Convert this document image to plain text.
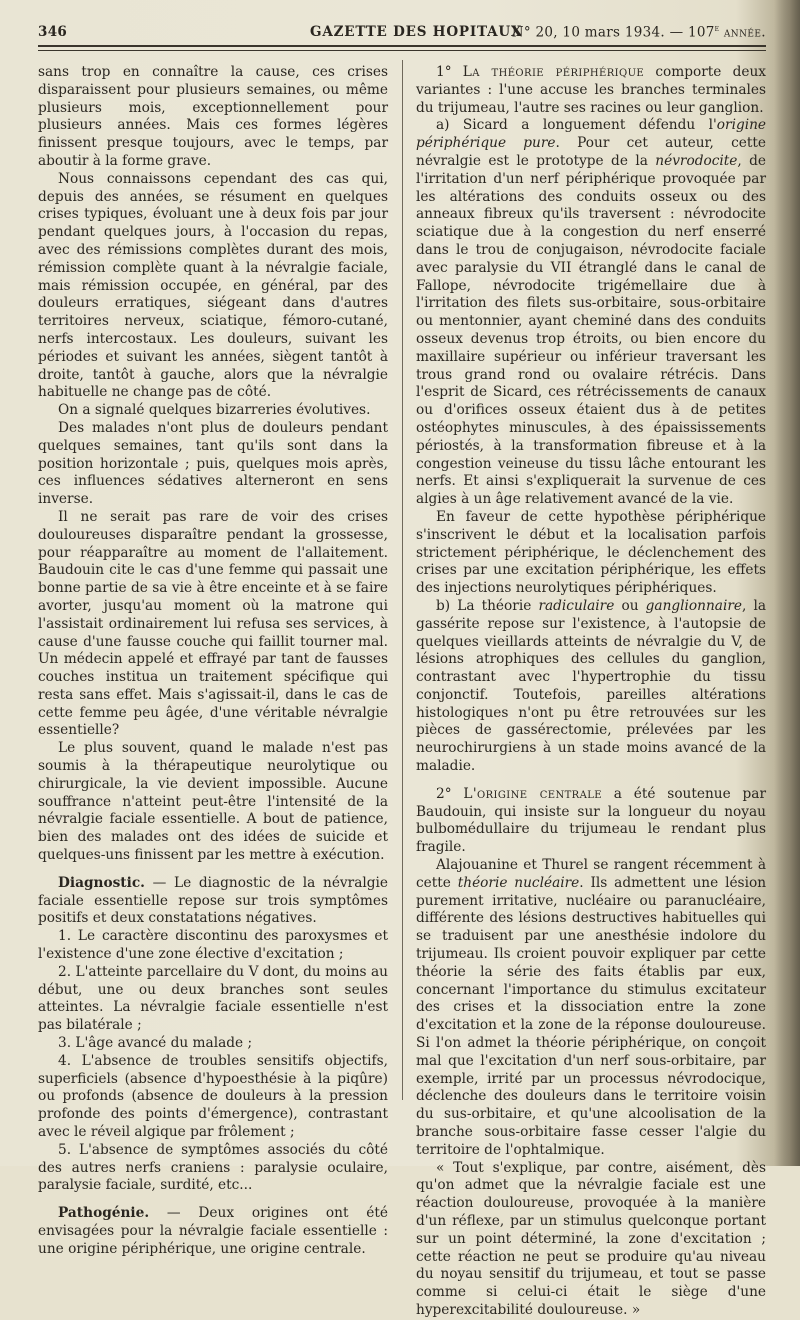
346	GAZETTE DES HOPITAUX
N° 20, 10 mars 1934. — 107e année.

sans trop en connaître la cause, ces crises disparaissent pour plusieurs semaines, ou même plusieurs mois, exceptionnellement pour plusieurs années. Mais ces formes légères finissent presque toujours, avec le temps, par aboutir à la forme grave.

Nous connaissons cependant des cas qui, depuis des années, se résument en quelques crises typiques, évoluant une à deux fois par jour pendant quelques jours, à l'occasion du repas, avec des rémissions complètes durant des mois, rémission complète quant à la névralgie faciale, mais rémission occupée, en général, par des douleurs erratiques, siégeant dans d'autres territoires nerveux, sciatique, fémoro-cutané, nerfs intercostaux. Les douleurs, suivant les périodes et suivant les années, siègent tantôt à droite, tantôt à gauche, alors que la névralgie habituelle ne change pas de côté.

On a signalé quelques bizarreries évolutives.

Des malades n'ont plus de douleurs pendant quelques semaines, tant qu'ils sont dans la position horizontale ; puis, quelques mois après, ces influences sédatives alterneront en sens inverse.

Il ne serait pas rare de voir des crises douloureuses disparaître pendant la grossesse, pour réapparaître au moment de l'allaitement. Baudouin cite le cas d'une femme qui passait une bonne partie de sa vie à être enceinte et à se faire avorter, jusqu'au moment où la matrone qui l'assistait ordinairement lui refusa ses services, à cause d'une fausse couche qui faillit tourner mal. Un médecin appelé et effrayé par tant de fausses couches institua un traitement spécifique qui resta sans effet. Mais s'agissait-il, dans le cas de cette femme peu âgée, d'une véritable névralgie essentielle?

Le plus souvent, quand le malade n'est pas soumis à la thérapeutique neurolytique ou chirurgicale, la vie devient impossible. Aucune souffrance n'atteint peut-être l'intensité de la névralgie faciale essentielle. A bout de patience, bien des malades ont des idées de suicide et quelques-uns finissent par les mettre à exécution.

Diagnostic. — Le diagnostic de la névralgie faciale essentielle repose sur trois symptômes positifs et deux constatations négatives.

1. Le caractère discontinu des paroxysmes et l'existence d'une zone élective d'excitation ;

2. L'atteinte parcellaire du V dont, du moins au début, une ou deux branches sont seules atteintes. La névralgie faciale essentielle n'est pas bilatérale ;

3. L'âge avancé du malade ;

4. L'absence de troubles sensitifs objectifs, superficiels (absence d'hypoesthésie à la piqûre) ou profonds (absence de douleurs à la pression profonde des points d'émergence), contrastant avec le réveil algique par frôlement ;

5. L'absence de symptômes associés du côté des autres nerfs craniens : paralysie oculaire, paralysie faciale, surdité, etc...

Pathogénie. — Deux origines ont été envisagées pour la névralgie faciale essentielle : une origine périphérique, une origine centrale.

1° La théorie périphérique comporte deux variantes : l'une accuse les branches terminales du trijumeau, l'autre ses racines ou leur ganglion.

a) Sicard a longuement défendu l'origine périphérique pure. Pour cet auteur, cette névralgie est le prototype de la névrodocite, de l'irritation d'un nerf périphérique provoquée par les altérations des conduits osseux ou des anneaux fibreux qu'ils traversent : névrodocite sciatique due à la congestion du nerf enserré dans le trou de conjugaison, névrodocite faciale avec paralysie du VII étranglé dans le canal de Fallope, névrodocite trigémellaire due à l'irritation des filets sus-orbitaire, sous-orbitaire ou mentonnier, ayant cheminé dans des conduits osseux devenus trop étroits, ou bien encore du maxillaire supérieur ou inférieur traversant les trous grand rond ou ovalaire rétrécis. Dans l'esprit de Sicard, ces rétrécissements de canaux ou d'orifices osseux étaient dus à de petites ostéophytes minuscules, à des épaississements périostés, à la transformation fibreuse et à la congestion veineuse du tissu lâche entourant les nerfs. Et ainsi s'expliquerait la survenue de ces algies à un âge relativement avancé de la vie.

En faveur de cette hypothèse périphérique s'inscrivent le début et la localisation parfois strictement périphérique, le déclenchement des crises par une excitation périphérique, les effets des injections neurolytiques périphériques.

b) La théorie radiculaire ou ganglionnaire, la gassérite repose sur l'existence, à l'autopsie de quelques vieillards atteints de névralgie du V, de lésions atrophiques des cellules du ganglion, contrastant avec l'hypertrophie du tissu conjonctif. Toutefois, pareilles altérations histologiques n'ont pu être retrouvées sur les pièces de gassérectomie, prélevées par les neurochirurgiens à un stade moins avancé de la maladie.

2° L'origine centrale a été soutenue par Baudouin, qui insiste sur la longueur du noyau bulbomédullaire du trijumeau le rendant plus fragile.

Alajouanine et Thurel se rangent récemment à cette théorie nucléaire. Ils admettent une lésion purement irritative, nucléaire ou paranucléaire, différente des lésions destructives habituelles qui se traduisent par une anesthésie indolore du trijumeau. Ils croient pouvoir expliquer par cette théorie la série des faits établis par eux, concernant l'importance du stimulus excitateur des crises et la dissociation entre la zone d'excitation et la zone de la réponse douloureuse. Si l'on admet la théorie périphérique, on conçoit mal que l'excitation d'un nerf sous-orbitaire, par exemple, irrité par un processus névrodocique, déclenche des douleurs dans le territoire voisin du sus-orbitaire, et qu'une alcoolisation de la branche sous-orbitaire fasse cesser l'algie du territoire de l'ophtalmique.

« Tout s'explique, par contre, aisément, dès qu'on admet que la névralgie faciale est une réaction douloureuse, provoquée à la manière d'un réflexe, par un stimulus quelconque portant sur un point déterminé, la zone d'excitation ; cette réaction ne peut se produire qu'au niveau du noyau sensitif du trijumeau, et tout se passe comme si celui-ci était le siège d'une hyperexcitabilité douloureuse. »
